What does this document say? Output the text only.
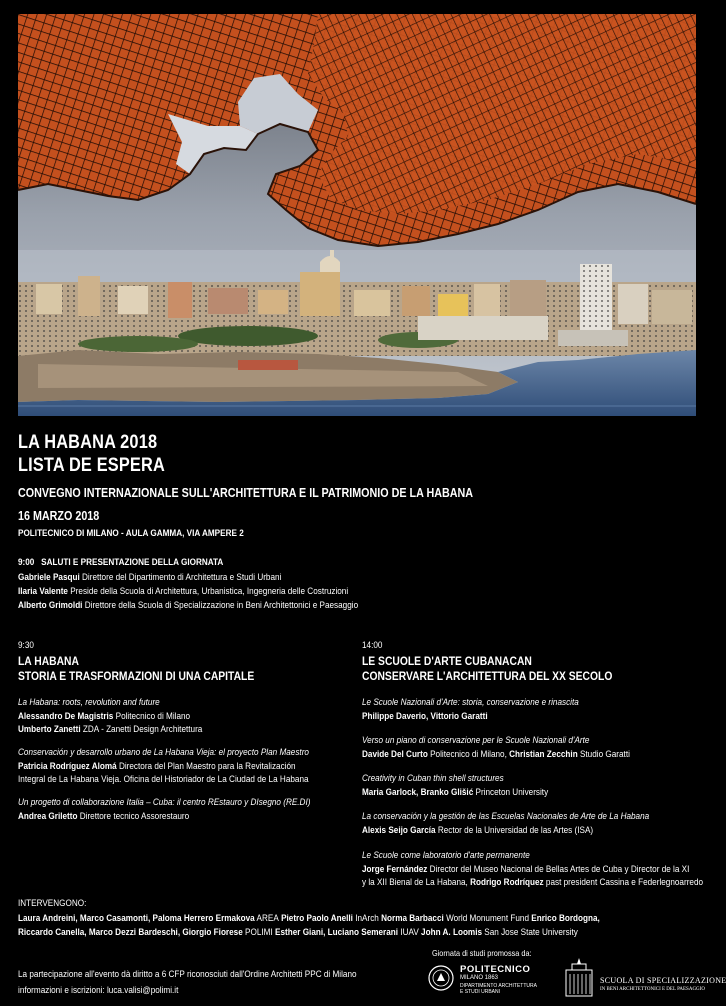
LA HABANA 2018
LISTA DE ESPERA
CONVEGNO INTERNAZIONALE SULL'ARCHITETTURA E IL PATRIMONIO DE LA HABANA
16 MARZO 2018
POLITECNICO DI MILANO - AULA GAMMA, VIA AMPERE 2
9:00 SALUTI E PRESENTAZIONE DELLA GIORNATA
Gabriele Pasqui Direttore del Dipartimento di Architettura e Studi Urbani
Ilaria Valente Preside della Scuola di Architettura, Urbanistica, Ingegneria delle Costruzioni
Alberto Grimoldi Direttore della Scuola di Specializzazione in Beni Architettonici e Paesaggio
9:30
LA HABANA
STORIA E TRASFORMAZIONI DI UNA CAPITALE
La Habana: roots, revolution and future
Alessandro De Magistris Politecnico di Milano
Umberto Zanetti ZDA - Zanetti Design Architettura
Conservación y desarrollo urbano de La Habana Vieja: el proyecto Plan Maestro
Patricia Rodríguez Alomá Directora del Plan Maestro para la Revitalización
Integral de La Habana Vieja. Oficina del Historiador de La Ciudad de La Habana
Un progetto di collaborazione Italia – Cuba: il centro REstauro y DIsegno (RE.DI)
Andrea Griletto Direttore tecnico Assorestauro
14:00
LE SCUOLE D'ARTE CUBANACAN
CONSERVARE L'ARCHITETTURA DEL XX SECOLO
Le Scuole Nazionali d'Arte: storia, conservazione e rinascita
Philippe Daverio, Vittorio Garatti
Verso un piano di conservazione per le Scuole Nazionali d'Arte
Davide Del Curto Politecnico di Milano, Christian Zecchin Studio Garatti
Creativity in Cuban thin shell structures
Maria Garlock, Branko Glišić Princeton University
La conservación y la gestión de las Escuelas Nacionales de Arte de La Habana
Alexis Seijo García Rector de la Universidad de las Artes (ISA)
Le Scuole come laboratorio d'arte permanente
Jorge Fernández Director del Museo Nacional de Bellas Artes de Cuba y Director de la XI
y la XII Bienal de La Habana, Rodrigo Rodríquez past president Cassina e Federlegnoarredo
INTERVENGONO:
Laura Andreini, Marco Casamonti, Paloma Herrero Ermakova AREA Pietro Paolo Anelli InArch Norma Barbacci World Monument Fund Enrico Bordogna,
Riccardo Canella, Marco Dezzi Bardeschi, Giorgio Fiorese POLIMI Esther Giani, Luciano Semerani IUAV John A. Loomis San Jose State University
La partecipazione all'evento dà diritto a 6 CFP riconosciuti dall'Ordine Architetti PPC di Milano
informazioni e iscrizioni: luca.valisi@polimi.it
Giornata di studi promossa da:
POLITECNICO
MILANO 1863
DIPARTIMENTO ARCHITETTURA
E STUDI URBANI
SCUOLA DI SPECIALIZZAZIONE
IN BENI ARCHITETTONICI E DEL PAESAGGIO
